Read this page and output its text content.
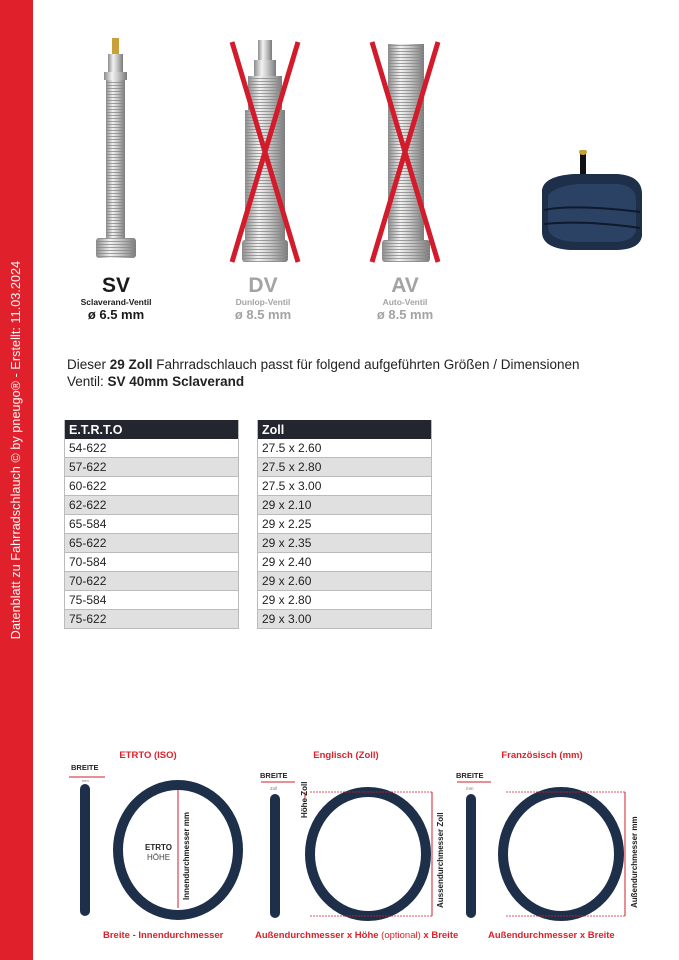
Datenblatt zu Fahrradschlauch © by pneugo® - Erstellt: 11.03.2024	SV
Sclaverand-Ventil
ø 6.5 mm
DV
Dunlop-Ventil
ø 8.5 mm
AV
Auto-Ventil
ø 8.5 mm
Dieser 29 Zoll Fahrradschlauch passt für folgend aufgeführten Größen / Dimensionen
Ventil: SV 40mm Sclaverand
E.T.R.T.O
54-622
57-622
60-622
62-622
65-584
65-622
70-584
70-622
75-584
75-622
Zoll
27.5 x 2.60
27.5 x 2.80
27.5 x 3.00
29 x 2.10
29 x 2.25
29 x 2.35
29 x 2.40
29 x 2.60
29 x 2.80
29 x 3.00
ETRTO (ISO)
BREITE
mm
Innendurchmesser mm
ETRTO
HÖHE
Breite - Innendurchmesser
Englisch (Zoll)
BREITE
Zoll	Höhe Zoll
Aussendurchmesser Zoll
Außendurchmesser x Höhe (optional) x Breite
Französisch (mm)
BREITE
mm
Außendurchmesser mm
Außendurchmesser x Breite
